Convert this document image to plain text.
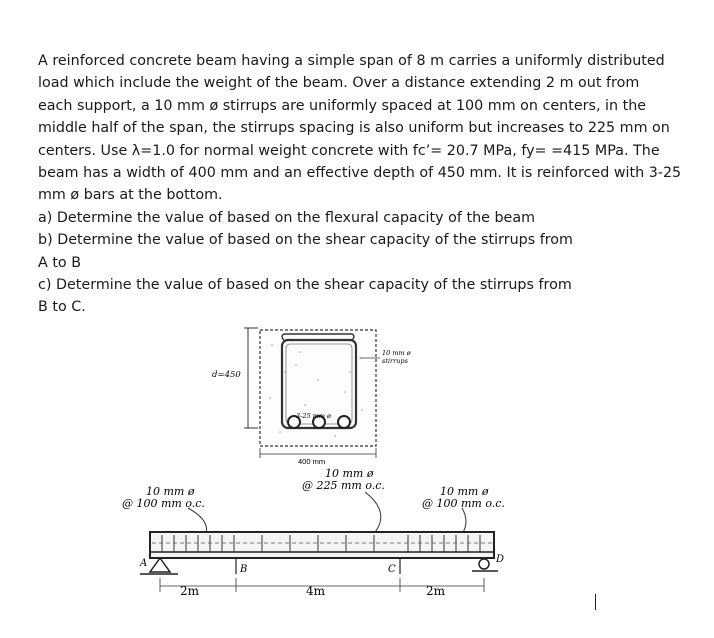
A reinforced concrete beam having a simple span of 8 m carries a uniformly distributed

load which include the weight of the beam. Over a distance extending 2 m out from

each support, a 10 mm ø stirrups are uniformly spaced at 100 mm on centers, in the

middle half of the span, the stirrups spacing is also uniform but increases to 225 mm on

centers. Use λ=1.0 for normal weight concrete with fc’= 20.7 MPa, fy= =415 MPa. The

beam has a width of 400 mm and an effective depth of 450 mm. It is reinforced with 3-25

mm ø bars at the bottom.

a) Determine the value of based on the flexural capacity of the beam

b) Determine the value of based on the shear capacity of the stirrups from

A to B

c) Determine the value of based on the shear capacity of the stirrups from

B to C.

d=450
400 mm
3-25 mm ø
10 mm ø
stirrups
10 mm ø
@ 100 mm o.c.
10 mm ø
@ 225 mm o.c.	10 mm ø
@ 100 mm o.c.
B	C
A	D
2m	4m	2m
